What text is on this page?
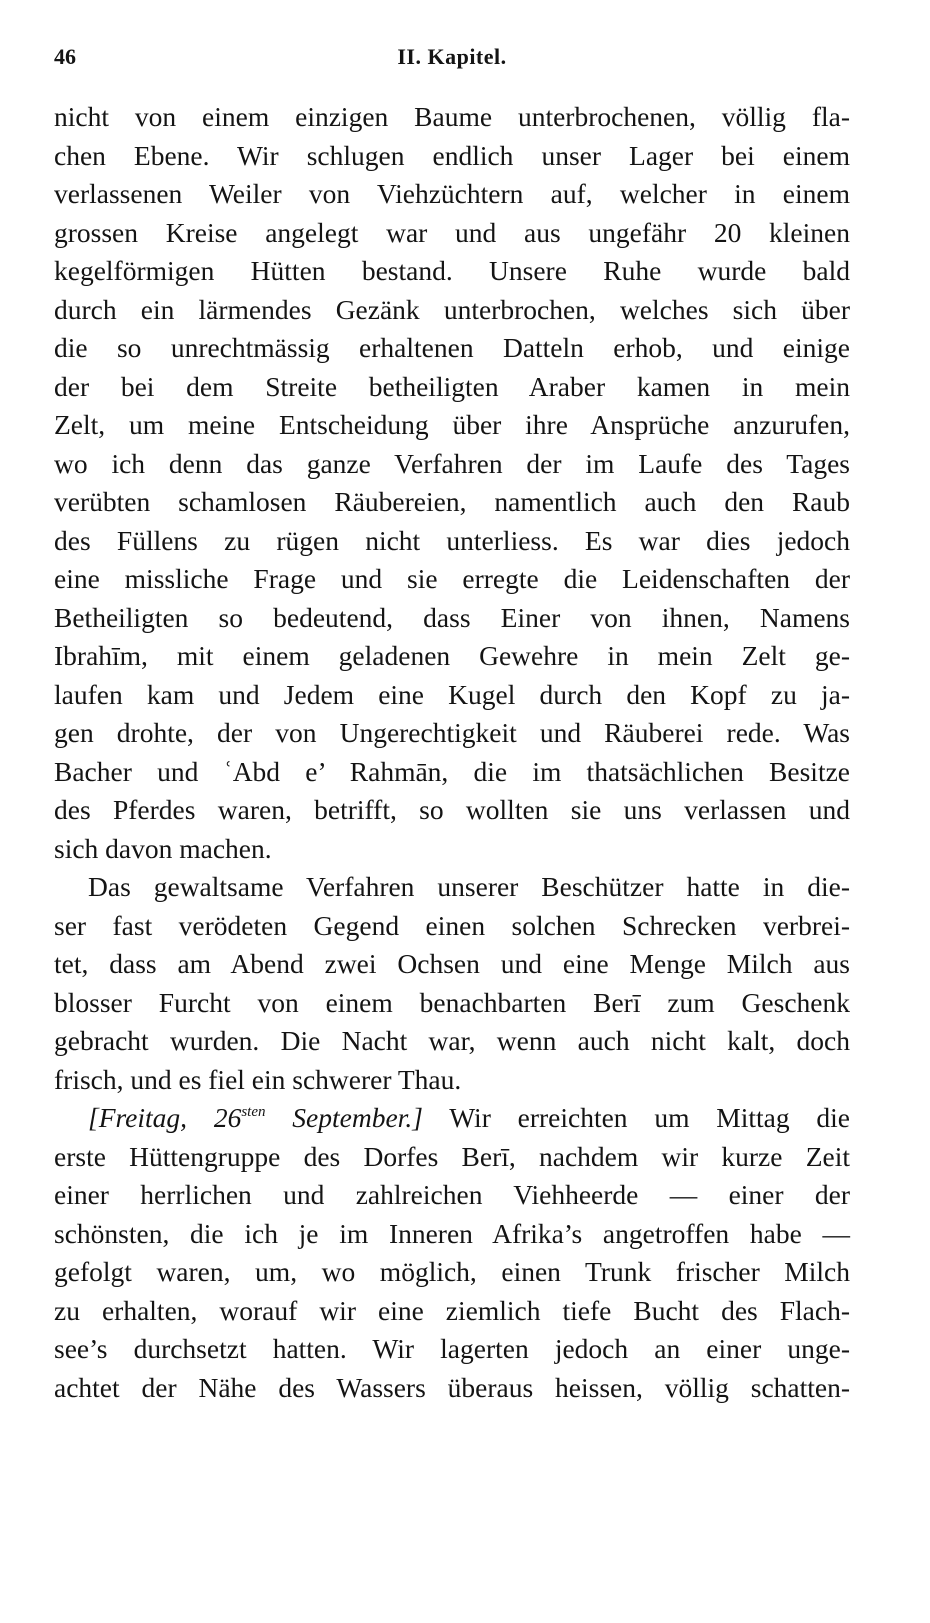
46	II. Kapitel.
nicht von einem einzigen Baume unterbrochenen, völlig fla-
chen Ebene. Wir schlugen endlich unser Lager bei einem
verlassenen Weiler von Viehzüchtern auf, welcher in einem
grossen Kreise angelegt war und aus ungefähr 20 kleinen
kegelförmigen Hütten bestand. Unsere Ruhe wurde bald
durch ein lärmendes Gezänk unterbrochen, welches sich über
die so unrechtmässig erhaltenen Datteln erhob, und einige
der bei dem Streite betheiligten Araber kamen in mein
Zelt, um meine Entscheidung über ihre Ansprüche anzurufen,
wo ich denn das ganze Verfahren der im Laufe des Tages
verübten schamlosen Räubereien, namentlich auch den Raub
des Füllens zu rügen nicht unterliess. Es war dies jedoch
eine missliche Frage und sie erregte die Leidenschaften der
Betheiligten so bedeutend, dass Einer von ihnen, Namens
Ibrahīm, mit einem geladenen Gewehre in mein Zelt ge-
laufen kam und Jedem eine Kugel durch den Kopf zu ja-
gen drohte, der von Ungerechtigkeit und Räuberei rede. Was
Bacher und ʿAbd e’ Rahmān, die im thatsächlichen Besitze
des Pferdes waren, betrifft, so wollten sie uns verlassen und
sich davon machen.
Das gewaltsame Verfahren unserer Beschützer hatte in die-
ser fast verödeten Gegend einen solchen Schrecken verbrei-
tet, dass am Abend zwei Ochsen und eine Menge Milch aus
blosser Furcht von einem benachbarten Berī zum Geschenk
gebracht wurden. Die Nacht war, wenn auch nicht kalt, doch
frisch, und es fiel ein schwerer Thau.
[Freitag, $26^{sten}$ September.] Wir erreichten um Mittag die
erste Hüttengruppe des Dorfes Berī, nachdem wir kurze Zeit
einer herrlichen und zahlreichen Viehheerde — einer der
schönsten, die ich je im Inneren Afrika’s angetroffen habe —
gefolgt waren, um, wo möglich, einen Trunk frischer Milch
zu erhalten, worauf wir eine ziemlich tiefe Bucht des Flach-
see’s durchsetzt hatten. Wir lagerten jedoch an einer unge-
achtet der Nähe des Wassers überaus heissen, völlig schatten-
